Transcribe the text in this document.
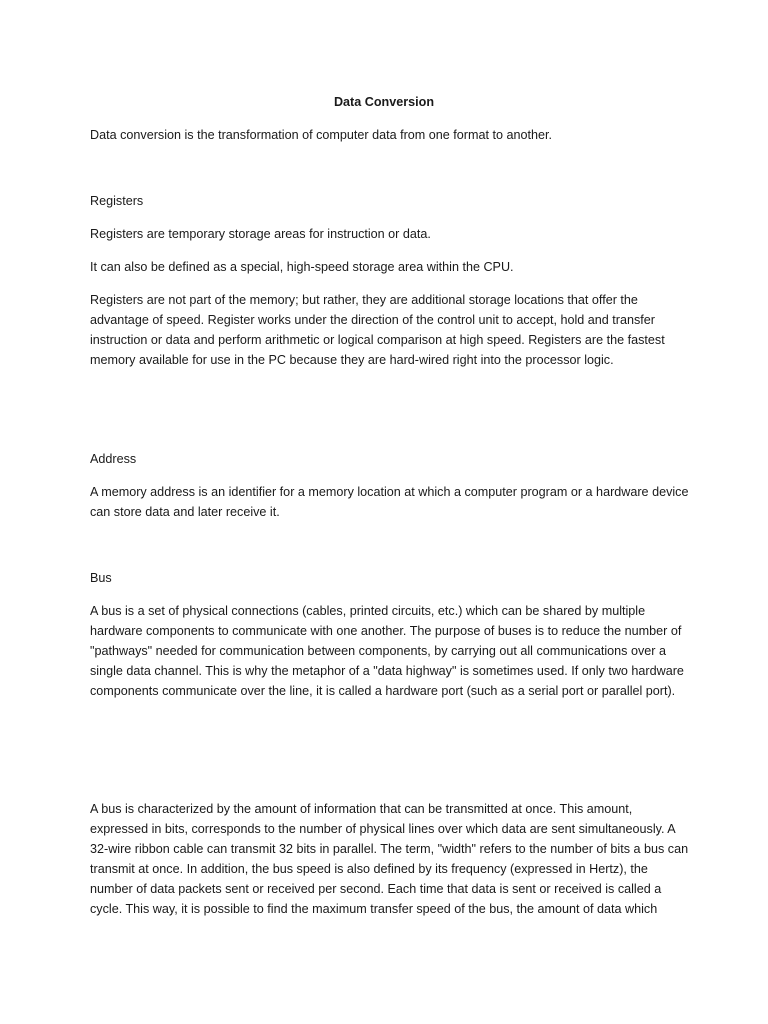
Data Conversion

Data conversion is the transformation of computer data from one format to another.

Registers

Registers are temporary storage areas for instruction or data.

It can also be defined as a special, high-speed storage area within the CPU.

Registers are not part of the memory; but rather, they are additional storage locations that offer the advantage of speed. Register works under the direction of the control unit to accept, hold and transfer instruction or data and perform arithmetic or logical comparison at high speed. Registers are the fastest memory available for use in the PC because they are hard-wired right into the processor logic.

Address

A memory address is an identifier for a memory location at which a computer program or a hardware device can store data and later receive it.

Bus

A bus is a set of physical connections (cables, printed circuits, etc.) which can be shared by multiple hardware components to communicate with one another. The purpose of buses is to reduce the number of "pathways" needed for communication between components, by carrying out all communications over a single data channel. This is why the metaphor of a "data highway" is sometimes used. If only two hardware components communicate over the line, it is called a hardware port (such as a serial port or parallel port).

A bus is characterized by the amount of information that can be transmitted at once. This amount, expressed in bits, corresponds to the number of physical lines over which data are sent simultaneously. A 32-wire ribbon cable can transmit 32 bits in parallel. The term, "width" refers to the number of bits a bus can transmit at once. In addition, the bus speed is also defined by its frequency (expressed in Hertz), the number of data packets sent or received per second. Each time that data is sent or received is called a cycle. This way, it is possible to find the maximum transfer speed of the bus, the amount of data which
